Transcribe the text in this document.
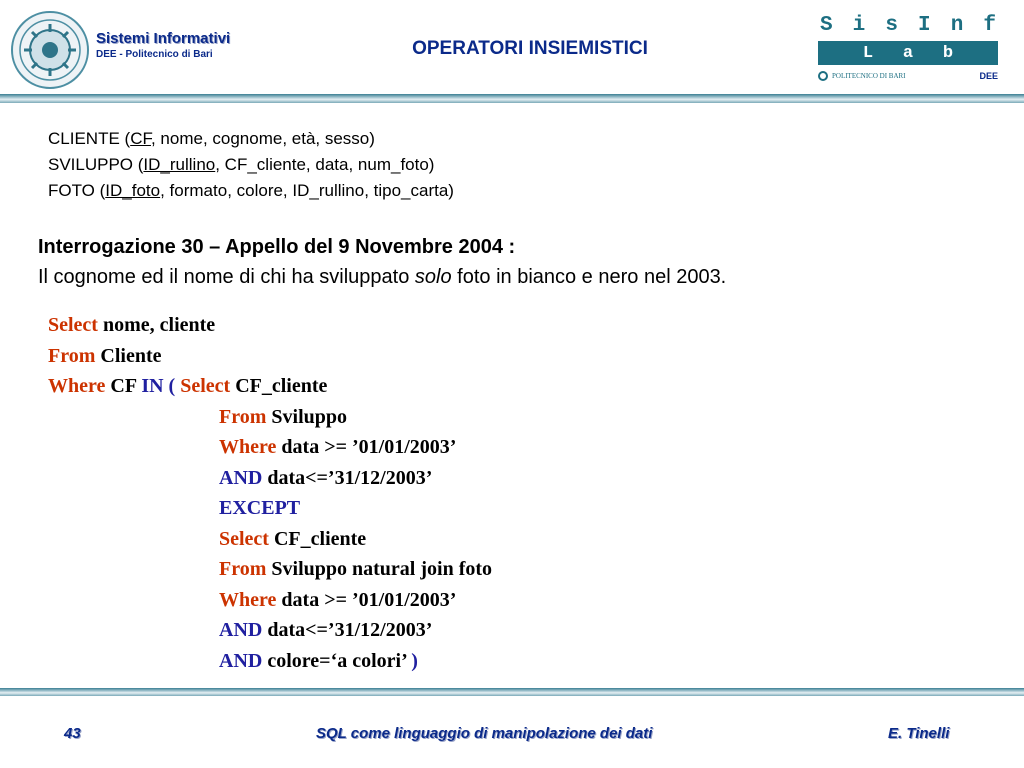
Sistemi Informativi
DEE - Politecnico di Bari	OPERATORI INSIEMISTICI
S i s I n f
L a b
POLITECNICO DI BARI	DEE
CLIENTE (CF, nome, cognome, età, sesso)
SVILUPPO (ID_rullino, CF_cliente, data, num_foto)
FOTO (ID_foto, formato, colore, ID_rullino, tipo_carta)
Interrogazione 30 – Appello del 9 Novembre 2004 :
Il cognome ed il nome di chi ha sviluppato solo foto in bianco e nero nel 2003.
Select nome, cliente
From Cliente
Where CF IN ( Select CF_cliente
From Sviluppo
Where data >= ’01/01/2003’
AND data<=’31/12/2003’
EXCEPT
Select CF_cliente
From Sviluppo natural join foto
Where data >= ’01/01/2003’
AND data<=’31/12/2003’
AND colore=‘a colori’ )
43	SQL come linguaggio di manipolazione dei dati	E. Tinelli
